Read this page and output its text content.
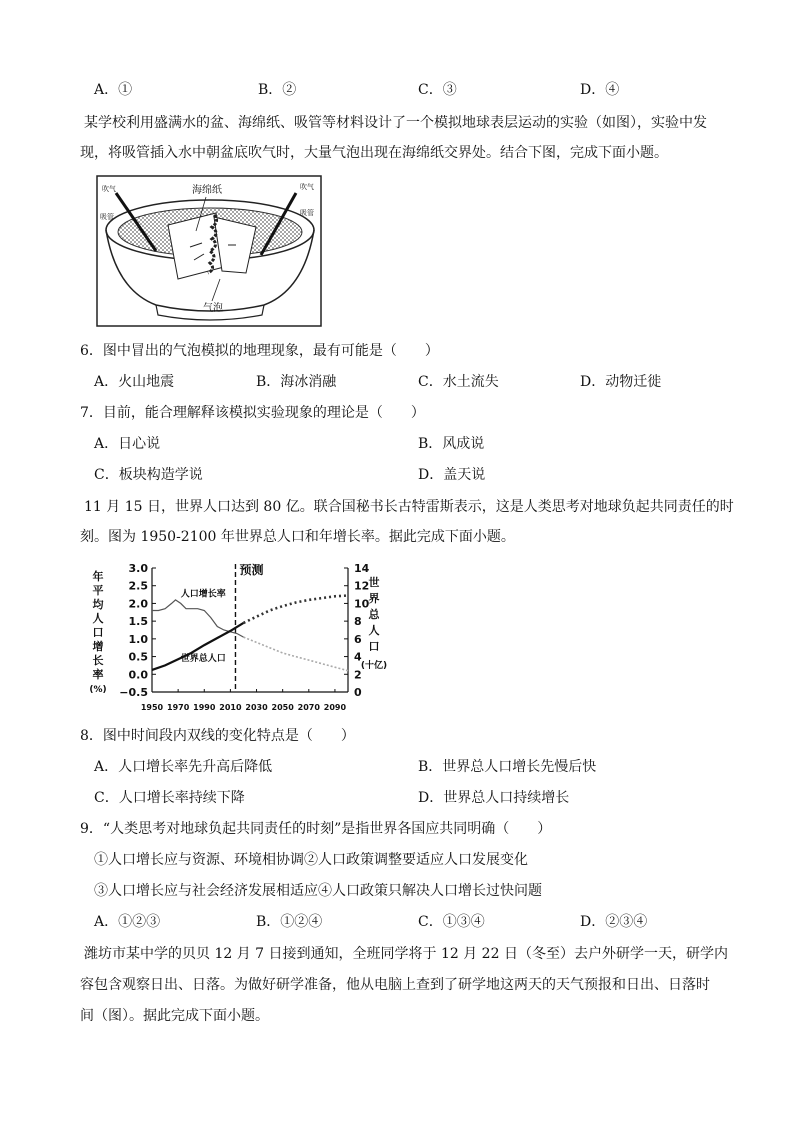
A．①	B．②	C．③	D．④
某学校利用盛满水的盆、海绵纸、吸管等材料设计了一个模拟地球表层运动的实验（如图），实验中发
现，将吸管插入水中朝盆底吹气时，大量气泡出现在海绵纸交界处。结合下图，完成下面小题。
吹气
吸管
吹气
吸管
海绵纸
气泡
6．图中冒出的气泡模拟的地理现象，最有可能是（　　）
A．火山地震	B．海冰消融	C．水土流失	D．动物迁徙
7．目前，能合理解释该模拟实验现象的理论是（　　）
A．日心说	B．风成说
C．板块构造学说	D．盖天说
11 月 15 日，世界人口达到 80 亿。联合国秘书长古特雷斯表示，这是人类思考对地球负起共同责任的时
刻。图为 1950-2100 年世界总人口和年增长率。据此完成下面小题。
3.0
2.5
2.0
1.5
1.0
0.5
0.0
−0.5
14
12
10
8
6
4
2
0
1950 1970 1990 2010 2030 2050 2070 2090
年
平
均
人
口
增
长
率
(%)
世
界
总
人
口
(十亿)
预测
人口增长率
世界总人口
8．图中时间段内双线的变化特点是（　　）
A．人口增长率先升高后降低	B．世界总人口增长先慢后快
C．人口增长率持续下降	D．世界总人口持续增长
9．“人类思考对地球负起共同责任的时刻”是指世界各国应共同明确（　　）
①人口增长应与资源、环境相协调②人口政策调整要适应人口发展变化
③人口增长应与社会经济发展相适应④人口政策只解决人口增长过快问题
A．①②③	B．①②④	C．①③④	D．②③④
潍坊市某中学的贝贝 12 月 7 日接到通知，全班同学将于 12 月 22 日（冬至）去户外研学一天，研学内
容包含观察日出、日落。为做好研学准备，他从电脑上查到了研学地这两天的天气预报和日出、日落时
间（图）。据此完成下面小题。
